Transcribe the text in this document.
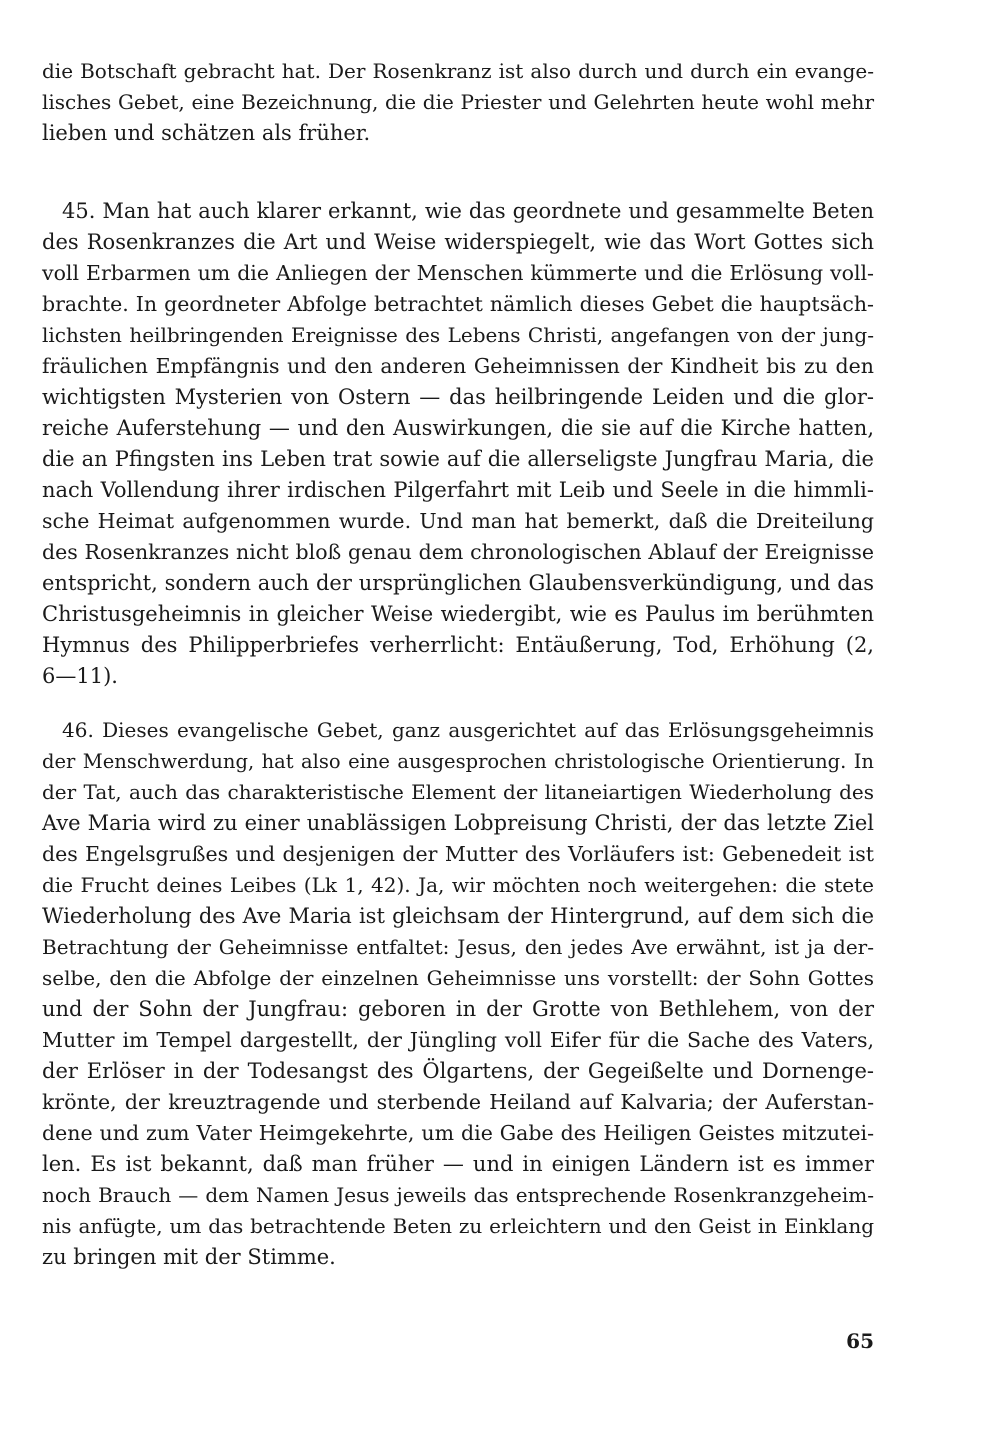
die Botschaft gebracht hat. Der Rosenkranz ist also durch und durch ein evange-
lisches Gebet, eine Bezeichnung, die die Priester und Gelehrten heute wohl mehr
lieben und schätzen als früher.
45. Man hat auch klarer erkannt, wie das geordnete und gesammelte Beten
des Rosenkranzes die Art und Weise widerspiegelt, wie das Wort Gottes sich
voll Erbarmen um die Anliegen der Menschen kümmerte und die Erlösung voll-
brachte. In geordneter Abfolge betrachtet nämlich dieses Gebet die hauptsäch-
lichsten heilbringenden Ereignisse des Lebens Christi, angefangen von der jung-
fräulichen Empfängnis und den anderen Geheimnissen der Kindheit bis zu den
wichtigsten Mysterien von Ostern — das heilbringende Leiden und die glor-
reiche Auferstehung — und den Auswirkungen, die sie auf die Kirche hatten,
die an Pfingsten ins Leben trat sowie auf die allerseligste Jungfrau Maria, die
nach Vollendung ihrer irdischen Pilgerfahrt mit Leib und Seele in die himmli-
sche Heimat aufgenommen wurde. Und man hat bemerkt, daß die Dreiteilung
des Rosenkranzes nicht bloß genau dem chronologischen Ablauf der Ereignisse
entspricht, sondern auch der ursprünglichen Glaubensverkündigung, und das
Christusgeheimnis in gleicher Weise wiedergibt, wie es Paulus im berühmten
Hymnus des Philipperbriefes verherrlicht: Entäußerung, Tod, Erhöhung (2,
6—11).
46. Dieses evangelische Gebet, ganz ausgerichtet auf das Erlösungsgeheimnis
der Menschwerdung, hat also eine ausgesprochen christologische Orientierung. In
der Tat, auch das charakteristische Element der litaneiartigen Wiederholung des
Ave Maria wird zu einer unablässigen Lobpreisung Christi, der das letzte Ziel
des Engelsgrußes und desjenigen der Mutter des Vorläufers ist: Gebenedeit ist
die Frucht deines Leibes (Lk 1, 42). Ja, wir möchten noch weitergehen: die stete
Wiederholung des Ave Maria ist gleichsam der Hintergrund, auf dem sich die
Betrachtung der Geheimnisse entfaltet: Jesus, den jedes Ave erwähnt, ist ja der-
selbe, den die Abfolge der einzelnen Geheimnisse uns vorstellt: der Sohn Gottes
und der Sohn der Jungfrau: geboren in der Grotte von Bethlehem, von der
Mutter im Tempel dargestellt, der Jüngling voll Eifer für die Sache des Vaters,
der Erlöser in der Todesangst des Ölgartens, der Gegeißelte und Dornenge-
krönte, der kreuztragende und sterbende Heiland auf Kalvaria; der Auferstan-
dene und zum Vater Heimgekehrte, um die Gabe des Heiligen Geistes mitzutei-
len. Es ist bekannt, daß man früher — und in einigen Ländern ist es immer
noch Brauch — dem Namen Jesus jeweils das entsprechende Rosenkranzgeheim-
nis anfügte, um das betrachtende Beten zu erleichtern und den Geist in Einklang
zu bringen mit der Stimme.
65
